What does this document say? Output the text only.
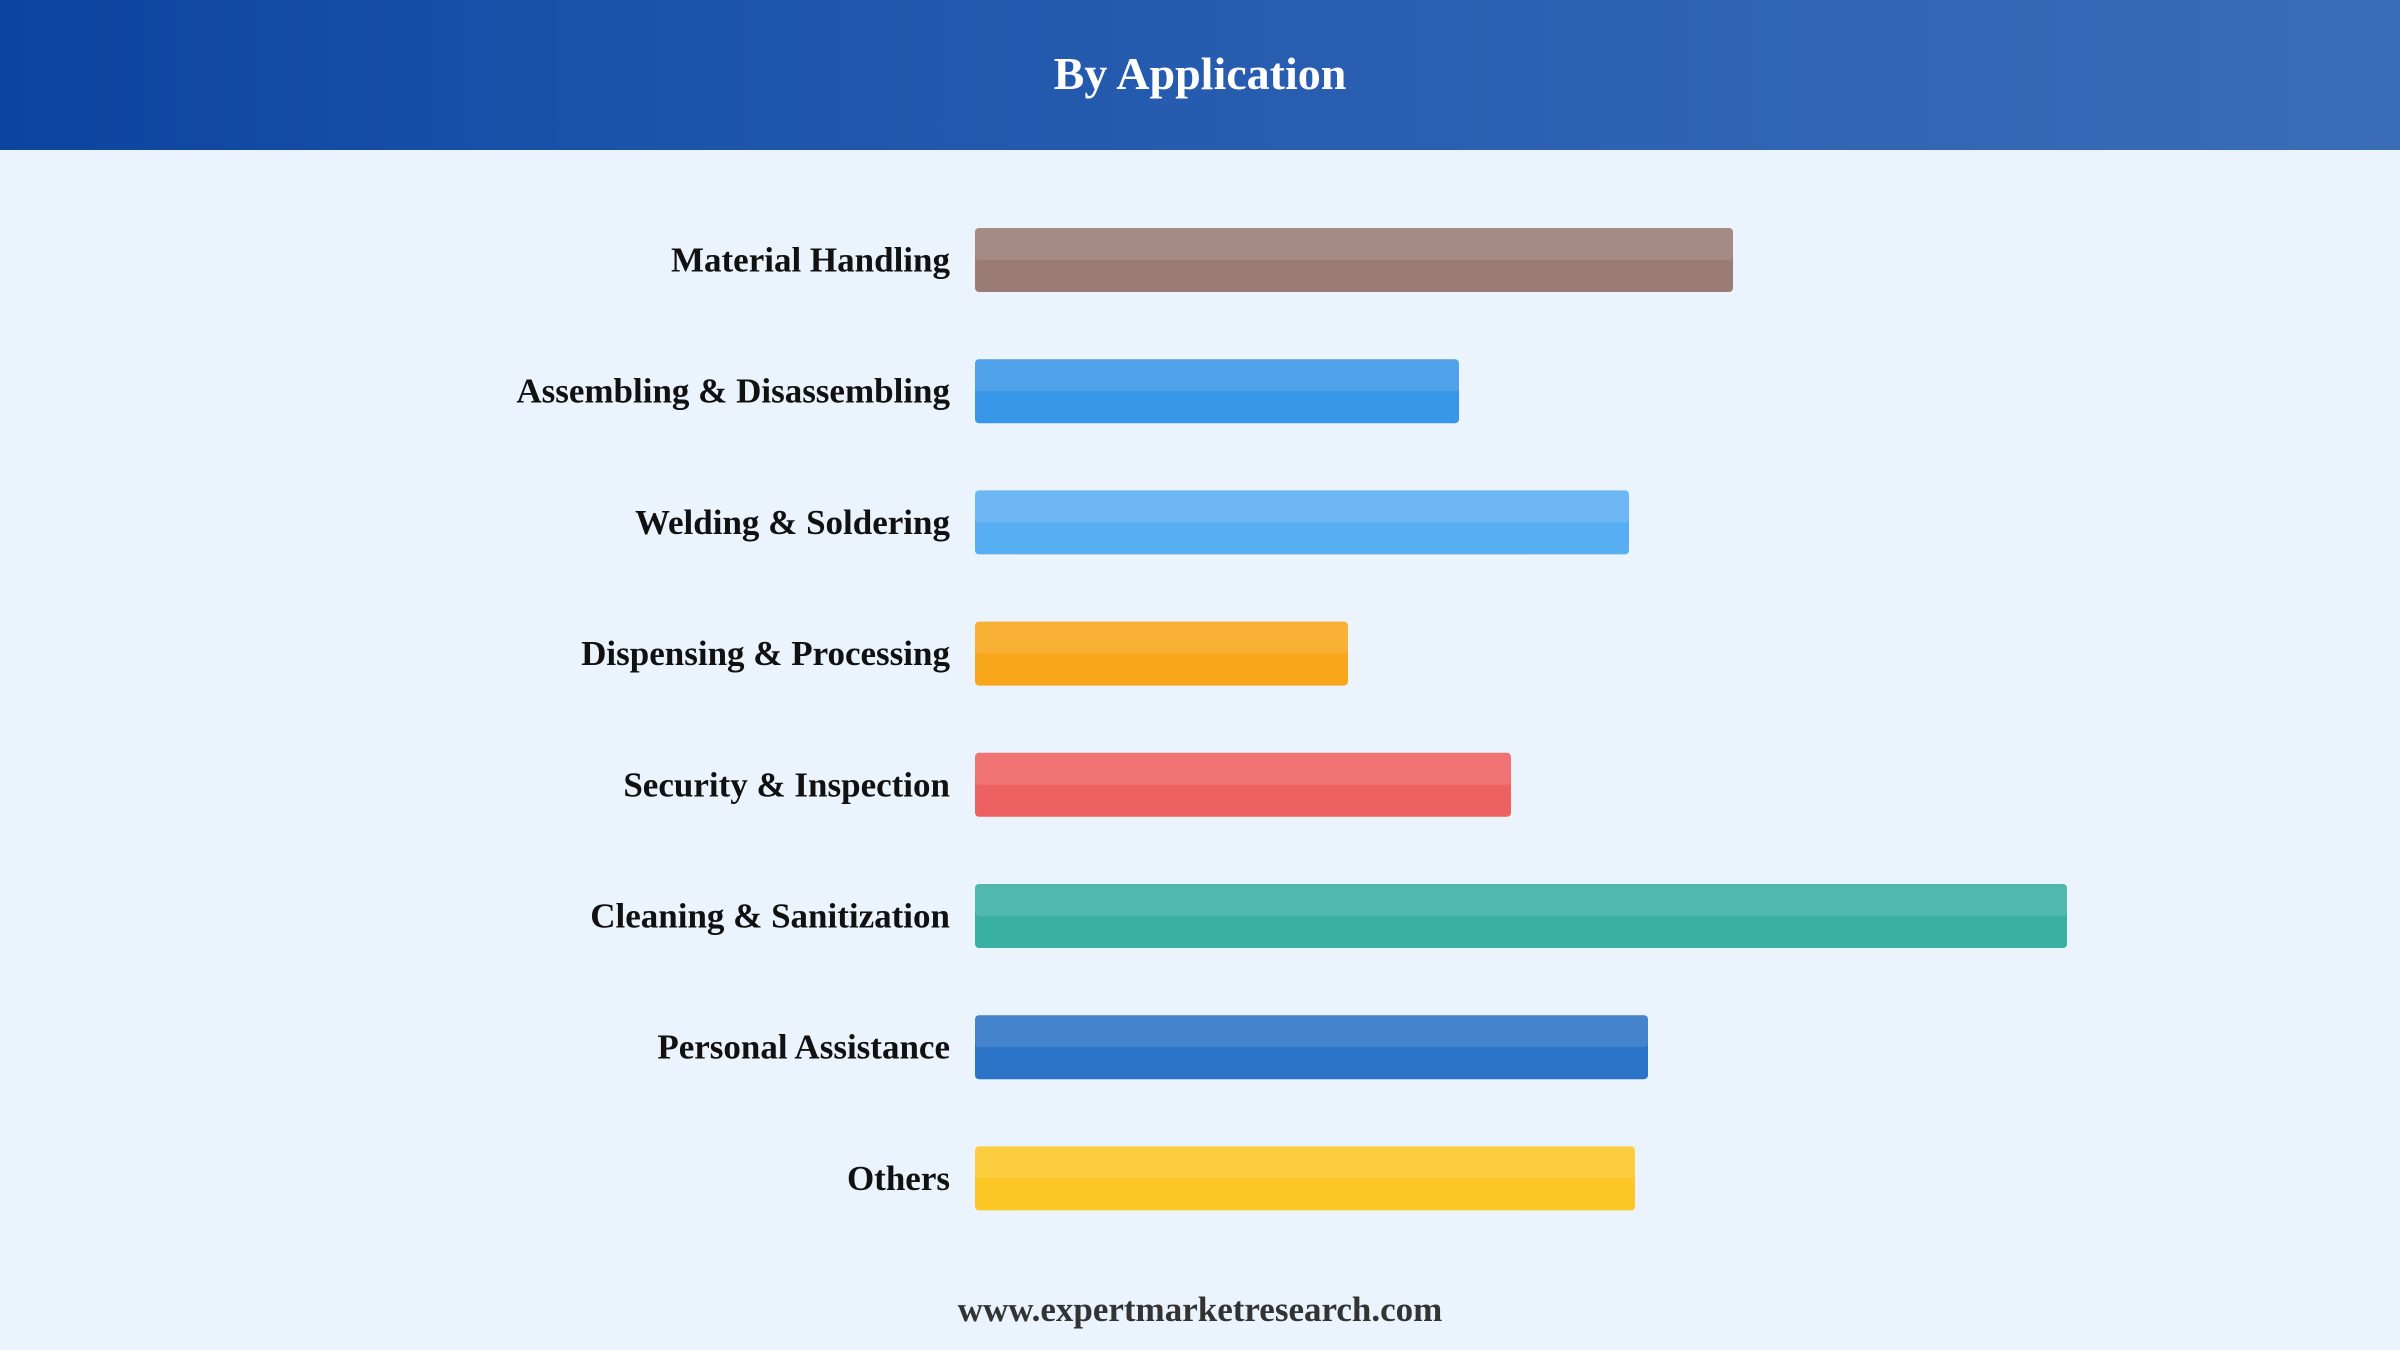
By Application
Material Handling
Assembling & Disassembling
Welding & Soldering
Dispensing & Processing
Security & Inspection
Cleaning & Sanitization
Personal Assistance
Others
www.expertmarketresearch.com
